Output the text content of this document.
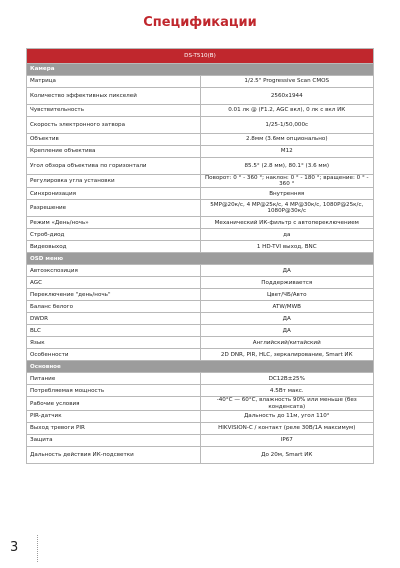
Спецификации
DS-T510(B)	
Камера	
Матрица	1/2.5" Progressive Scan CMOS
Количество эффективных пикселей	2560x1944
Чувствительность	0.01 лк @ (F1.2, AGC вкл), 0 лк с вкл ИК
Скорость электронного затвора	1/25-1/50,000с
Объектив	2.8мм (3.6мм опционально)
Крепление объектива	M12
Угол обзора объектива по горизонтали	85.5° (2.8 мм), 80.1° (3.6 мм)
Регулировка угла установки	Поворот: 0 ° - 360 °; наклон: 0 ° - 180 °; вращение: 0 ° - 360 °
Синхронизация	Внутренняя
Разрешение	5MP@20к/с, 4 MP@25к/с, 4 MP@30к/с, 1080P@25к/с, 1080P@30к/с
Режим «День/ночь»	Механический ИК-фильтр с автопереключением
Строб-диод	да
Видеовыход	1 HD-TVI выход, BNC
OSD меню	
Автоэкспозиция	ДА
AGC	Поддерживается
Переключение "день/ночь"	Цвет/ЧБ/Авто
Баланс белого	ATW/MWB
DWDR	ДА
BLC	ДА
Язык	Английский/китайский
Особенности	2D DNR, PIR, HLC, зеркалирование, Smart ИК
Основное	
Питание	DC12В±25%
Потребляемая мощность	4.5Вт макс.
Рабочие условия	-40°C — 60°C, влажность 90% или меньше (без конденсата)
PIR-датчик	Дальность до 11м, угол 110°
Выход тревоги PIR	HIKVISION-C / контакт (реле 30В/1А максимум)
Защита	IP67
Дальность действия ИК-подсветки	До 20м, Smart ИК
3
